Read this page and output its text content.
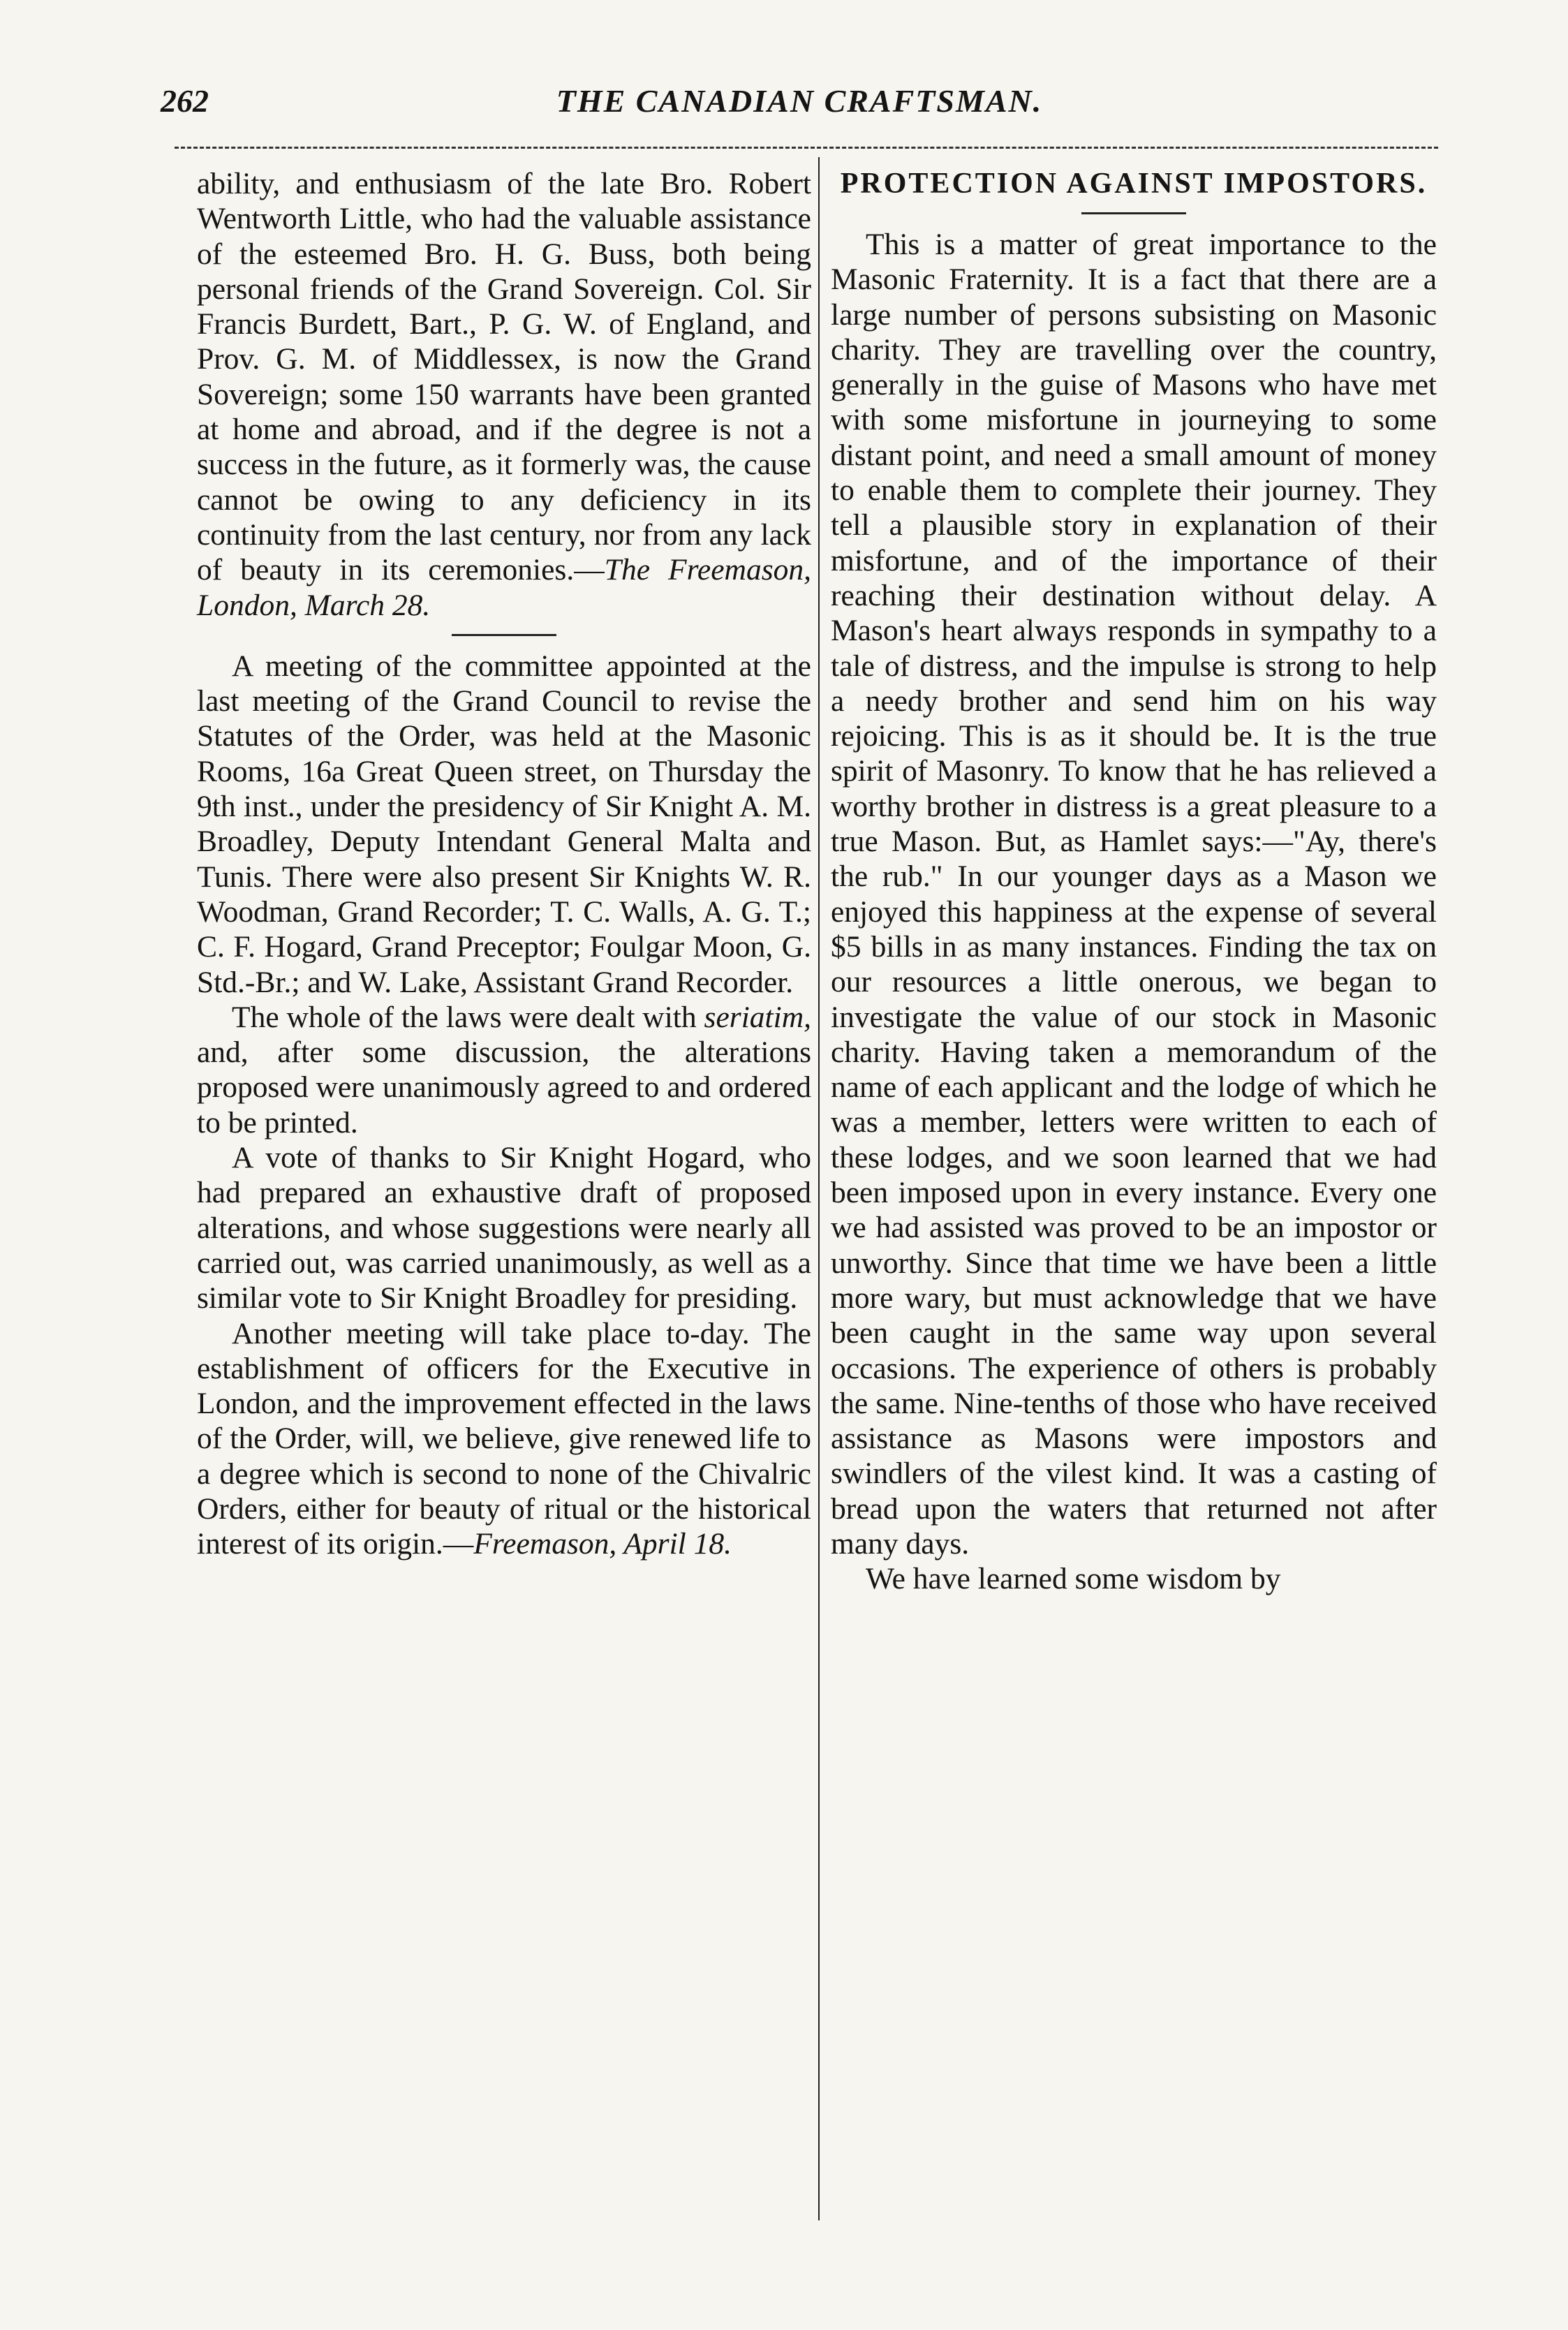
262	THE CANADIAN CRAFTSMAN.

ability, and enthusiasm of the late Bro. Robert Wentworth Little, who had the valuable assistance of the esteemed Bro. H. G. Buss, both being personal friends of the Grand Sovereign. Col. Sir Francis Burdett, Bart., P. G. W. of England, and Prov. G. M. of Middlessex, is now the Grand Sovereign; some 150 warrants have been granted at home and abroad, and if the degree is not a success in the future, as it formerly was, the cause cannot be owing to any deficiency in its continuity from the last century, nor from any lack of beauty in its ceremonies.—The Freemason, London, March 28.

A meeting of the committee appointed at the last meeting of the Grand Council to revise the Statutes of the Order, was held at the Masonic Rooms, 16a Great Queen street, on Thursday the 9th inst., under the presidency of Sir Knight A. M. Broadley, Deputy Intendant General Malta and Tunis. There were also present Sir Knights W. R. Woodman, Grand Recorder; T. C. Walls, A. G. T.; C. F. Hogard, Grand Preceptor; Foulgar Moon, G. Std.-Br.; and W. Lake, Assistant Grand Recorder.

The whole of the laws were dealt with seriatim, and, after some discussion, the alterations proposed were unanimously agreed to and ordered to be printed.

A vote of thanks to Sir Knight Hogard, who had prepared an exhaustive draft of proposed alterations, and whose suggestions were nearly all carried out, was carried unanimously, as well as a similar vote to Sir Knight Broadley for presiding.

Another meeting will take place to-day. The establishment of officers for the Executive in London, and the improvement effected in the laws of the Order, will, we believe, give renewed life to a degree which is second to none of the Chivalric Orders, either for beauty of ritual or the historical interest of its origin.—Freemason, April 18.

PROTECTION AGAINST IMPOSTORS.

This is a matter of great importance to the Masonic Fraternity. It is a fact that there are a large number of persons subsisting on Masonic charity. They are travelling over the country, generally in the guise of Masons who have met with some misfortune in journeying to some distant point, and need a small amount of money to enable them to complete their journey. They tell a plausible story in explanation of their misfortune, and of the importance of their reaching their destination without delay. A Mason's heart always responds in sympathy to a tale of distress, and the impulse is strong to help a needy brother and send him on his way rejoicing. This is as it should be. It is the true spirit of Masonry. To know that he has relieved a worthy brother in distress is a great pleasure to a true Mason. But, as Hamlet says:—"Ay, there's the rub." In our younger days as a Mason we enjoyed this happiness at the expense of several $5 bills in as many instances. Finding the tax on our resources a little onerous, we began to investigate the value of our stock in Masonic charity. Having taken a memorandum of the name of each applicant and the lodge of which he was a member, letters were written to each of these lodges, and we soon learned that we had been imposed upon in every instance. Every one we had assisted was proved to be an impostor or unworthy. Since that time we have been a little more wary, but must acknowledge that we have been caught in the same way upon several occasions. The experience of others is probably the same. Nine-tenths of those who have received assistance as Masons were impostors and swindlers of the vilest kind. It was a casting of bread upon the waters that returned not after many days.

We have learned some wisdom by
